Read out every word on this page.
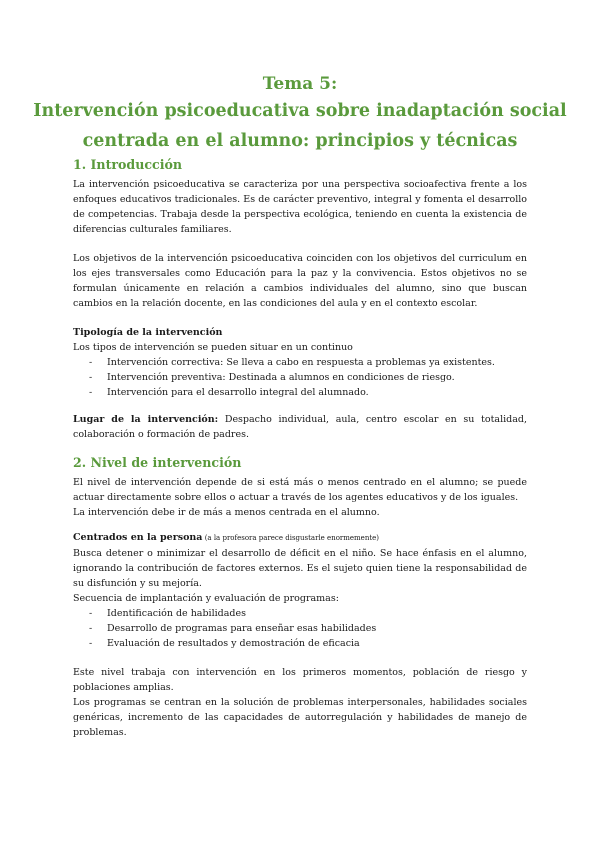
Tema 5:
Intervención psicoeducativa sobre inadaptación social
centrada en el alumno: principios y técnicas
1. Introducción

La intervención psicoeducativa se caracteriza por una perspectiva socioafectiva frente a los enfoques educativos tradicionales. Es de carácter preventivo, integral y fomenta el desarrollo de competencias. Trabaja desde la perspectiva ecológica, teniendo en cuenta la existencia de diferencias culturales familiares.

Los objetivos de la intervención psicoeducativa coinciden con los objetivos del curriculum en los ejes transversales como Educación para la paz y la convivencia. Estos objetivos no se formulan únicamente en relación a cambios individuales del alumno, sino que buscan cambios en la relación docente, en las condiciones del aula y en el contexto escolar.

Tipología de la intervención

Los tipos de intervención se pueden situar en un continuo

- Intervención correctiva: Se lleva a cabo en respuesta a problemas ya existentes.
- Intervención preventiva: Destinada a alumnos en condiciones de riesgo.
- Intervención para el desarrollo integral del alumnado.

Lugar de la intervención: Despacho individual, aula, centro escolar en su totalidad, colaboración o formación de padres.

2. Nivel de intervención

El nivel de intervención depende de si está más o menos centrado en el alumno; se puede actuar directamente sobre ellos o actuar a través de los agentes educativos y de los iguales.

La intervención debe ir de más a menos centrada en el alumno.

Centrados en la persona (a la profesora parece disgustarle enormemente)

Busca detener o minimizar el desarrollo de déficit en el niño. Se hace énfasis en el alumno, ignorando la contribución de factores externos. Es el sujeto quien tiene la responsabilidad de su disfunción y su mejoría.

Secuencia de implantación y evaluación de programas:

- Identificación de habilidades
- Desarrollo de programas para enseñar esas habilidades
- Evaluación de resultados y demostración de eficacia

Este nivel trabaja con intervención en los primeros momentos, población de riesgo y poblaciones amplias.

Los programas se centran en la solución de problemas interpersonales, habilidades sociales genéricas, incremento de las capacidades de autorregulación y habilidades de manejo de problemas.
